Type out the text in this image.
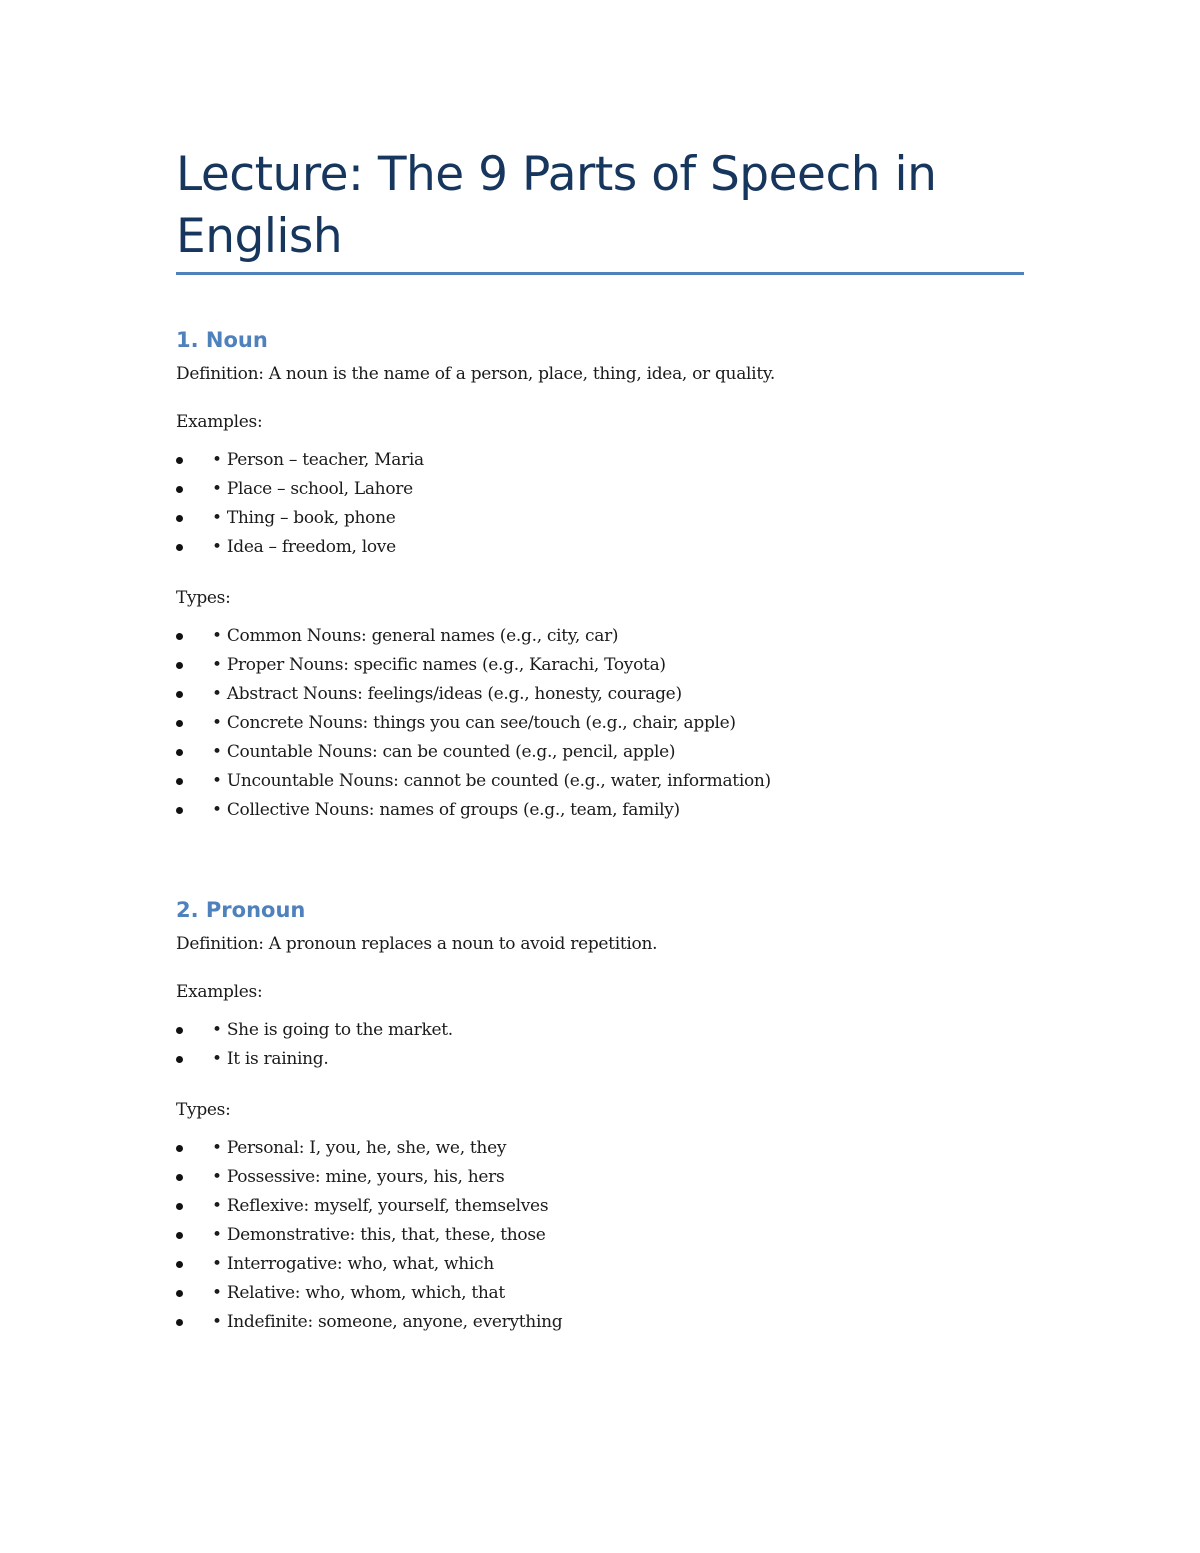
Lecture: The 9 Parts of Speech in English
1. Noun

Definition: A noun is the name of a person, place, thing, idea, or quality.

Examples:

• Person – teacher, Maria
• Place – school, Lahore
• Thing – book, phone
• Idea – freedom, love

Types:

• Common Nouns: general names (e.g., city, car)
• Proper Nouns: specific names (e.g., Karachi, Toyota)
• Abstract Nouns: feelings/ideas (e.g., honesty, courage)
• Concrete Nouns: things you can see/touch (e.g., chair, apple)
• Countable Nouns: can be counted (e.g., pencil, apple)
• Uncountable Nouns: cannot be counted (e.g., water, information)
• Collective Nouns: names of groups (e.g., team, family)
2. Pronoun

Definition: A pronoun replaces a noun to avoid repetition.

Examples:

• She is going to the market.
• It is raining.

Types:

• Personal: I, you, he, she, we, they
• Possessive: mine, yours, his, hers
• Reflexive: myself, yourself, themselves
• Demonstrative: this, that, these, those
• Interrogative: who, what, which
• Relative: who, whom, which, that
• Indefinite: someone, anyone, everything
